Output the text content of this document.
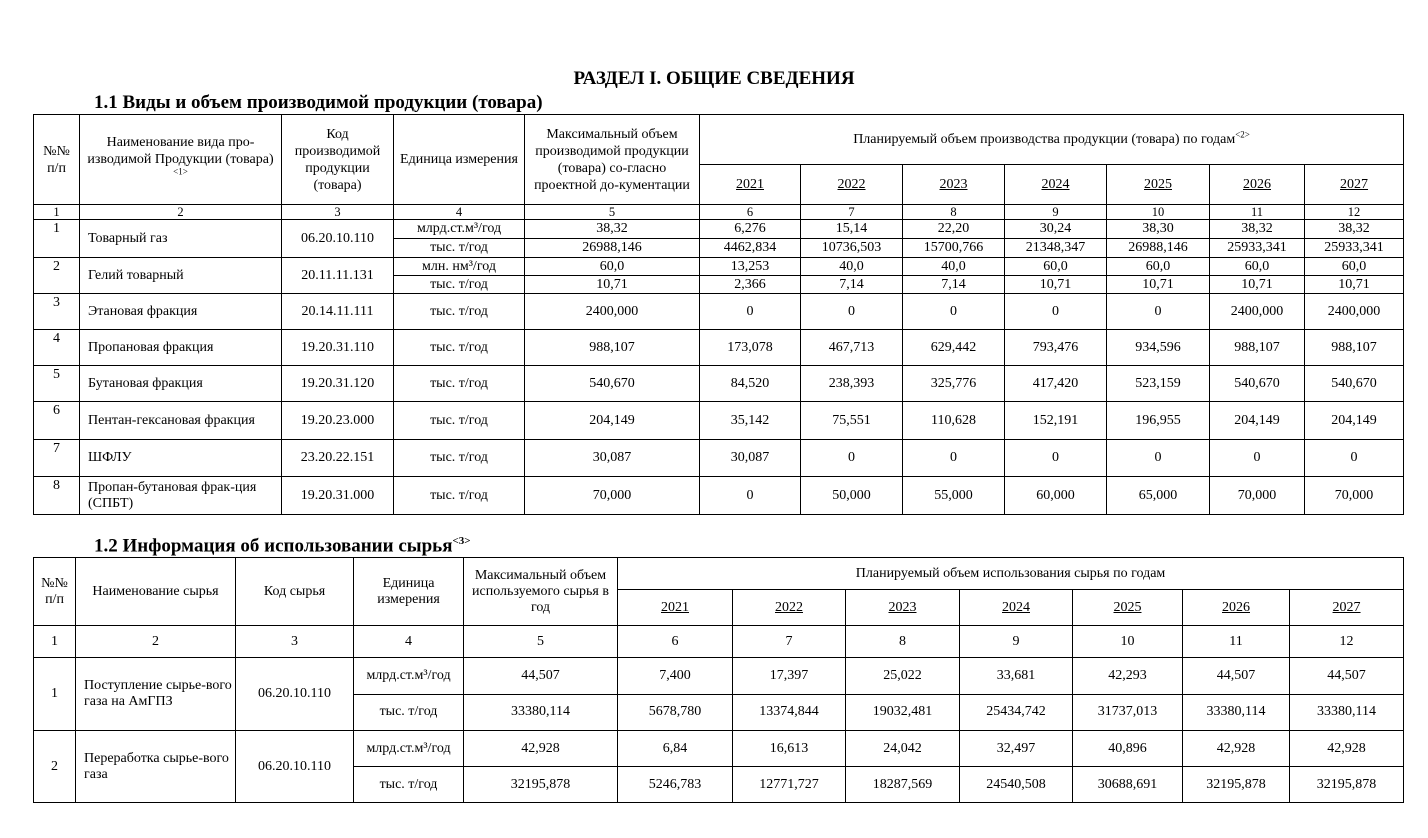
РАЗДЕЛ I. ОБЩИЕ СВЕДЕНИЯ
1.1 Виды и объем производимой продукции (товара)
№№ п/п	Наименование вида про-изводимой Продукции (товара)$^{<1>}$	Код производимой продукции (товара)	Единица измерения	Максимальный объем производимой продукции (товара) со-гласно проектной до-кументации	Планируемый объем производства продукции (товара) по годам$^{<2>}$
					2021	2022	2023	2024	2025	2026	2027
1	2	3	4	5	6	7	8	9	10	11	12
1	Товарный газ	06.20.10.110	млрд.ст.м³/год	38,32	6,276	15,14	22,20	30,24	38,30	38,32	38,32
			тыс. т/год	26988,146	4462,834	10736,503	15700,766	21348,347	26988,146	25933,341	25933,341
2	Гелий товарный	20.11.11.131	млн. нм³/год	60,0	13,253	40,0	40,0	60,0	60,0	60,0	60,0
			тыс. т/год	10,71	2,366	7,14	7,14	10,71	10,71	10,71	10,71
3	Этановая фракция	20.14.11.111	тыс. т/год	2400,000	0	0	0	0	0	2400,000	2400,000
4	Пропановая фракция	19.20.31.110	тыс. т/год	988,107	173,078	467,713	629,442	793,476	934,596	988,107	988,107
5	Бутановая фракция	19.20.31.120	тыс. т/год	540,670	84,520	238,393	325,776	417,420	523,159	540,670	540,670
6	Пентан-гексановая фракция	19.20.23.000	тыс. т/год	204,149	35,142	75,551	110,628	152,191	196,955	204,149	204,149
7	ШФЛУ	23.20.22.151	тыс. т/год	30,087	30,087	0	0	0	0	0	0
8	Пропан-бутановая фрак-ция (СПБТ)	19.20.31.000	тыс. т/год	70,000	0	50,000	55,000	60,000	65,000	70,000	70,000
1.2 Информация об использовании сырья$^{<3>}$
№№ п/п	Наименование сырья	Код сырья	Единица измерения	Максимальный объем используемого сырья в год	Планируемый объем использования сырья по годам						
					2021	2022	2023	2024	2025	2026	2027
1	2	3	4	5	6	7	8	9	10	11	12
1	Поступление сырье-вого газа на АмГПЗ	06.20.10.110	млрд.ст.м³/год	44,507	7,400	17,397	25,022	33,681	42,293	44,507	44,507
			тыс. т/год	33380,114	5678,780	13374,844	19032,481	25434,742	31737,013	33380,114	33380,114
2	Переработка сырье-вого газа	06.20.10.110	млрд.ст.м³/год	42,928	6,84	16,613	24,042	32,497	40,896	42,928	42,928
			тыс. т/год	32195,878	5246,783	12771,727	18287,569	24540,508	30688,691	32195,878	32195,878
